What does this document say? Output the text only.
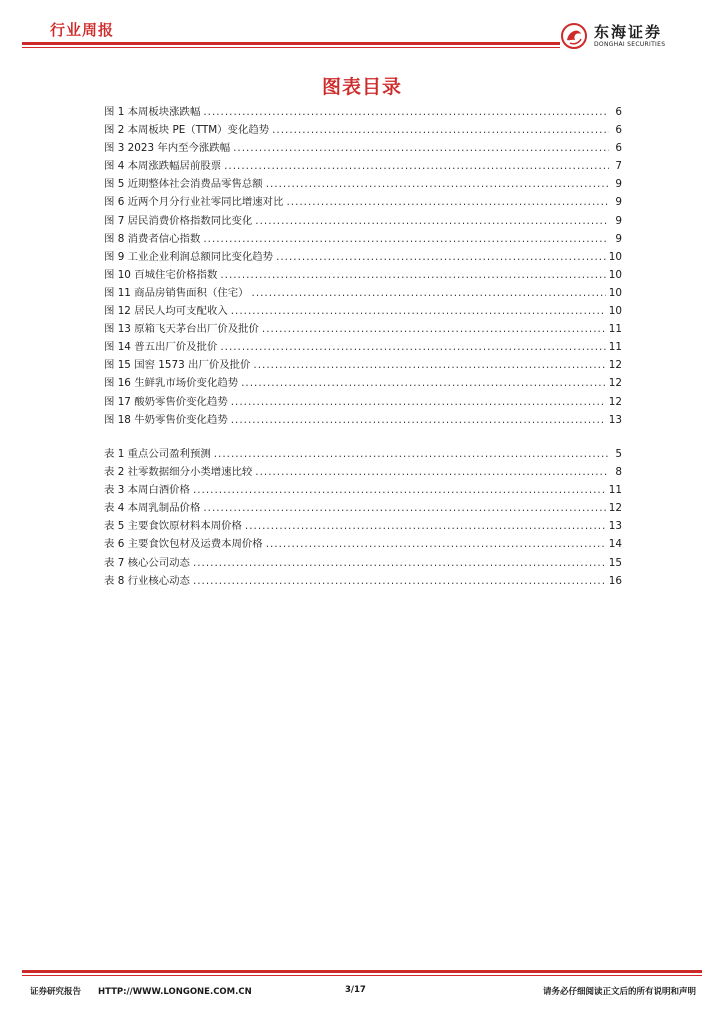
行业周报	东海证券
DONGHAI SECURITIES
图表目录
图 1 本周板块涨跌幅 .....	6
图 2 本周板块 PE（TTM）变化趋势 .....	6
图 3 2023 年内至今涨跌幅 .....	6
图 4 本周涨跌幅居前股票 .....	7
图 5 近期整体社会消费品零售总额 .....	9
图 6 近两个月分行业社零同比增速对比 .....	9
图 7 居民消费价格指数同比变化 .....	9
图 8 消费者信心指数 .....	9
图 9 工业企业利润总额同比变化趋势 .....	10
图 10 百城住宅价格指数 .....	10
图 11 商品房销售面积（住宅） .....	10
图 12 居民人均可支配收入 .....	10
图 13 原箱飞天茅台出厂价及批价 .....	11
图 14 普五出厂价及批价 .....	11
图 15 国窖 1573 出厂价及批价 .....	12
图 16 生鲜乳市场价变化趋势 .....	12
图 17 酸奶零售价变化趋势 .....	12
图 18 牛奶零售价变化趋势 .....	13
表 1 重点公司盈利预测 .....	5
表 2 社零数据细分小类增速比较 .....	8
表 3 本周白酒价格 .....	11
表 4 本周乳制品价格 .....	12
表 5 主要食饮原材料本周价格 .....	13
表 6 主要食饮包材及运费本周价格 .....	14
表 7 核心公司动态 .....	15
表 8 行业核心动态 .....	16
证券研究报告 HTTP://WWW.LONGONE.COM.CN	3/17	请务必仔细阅读正文后的所有说明和声明
